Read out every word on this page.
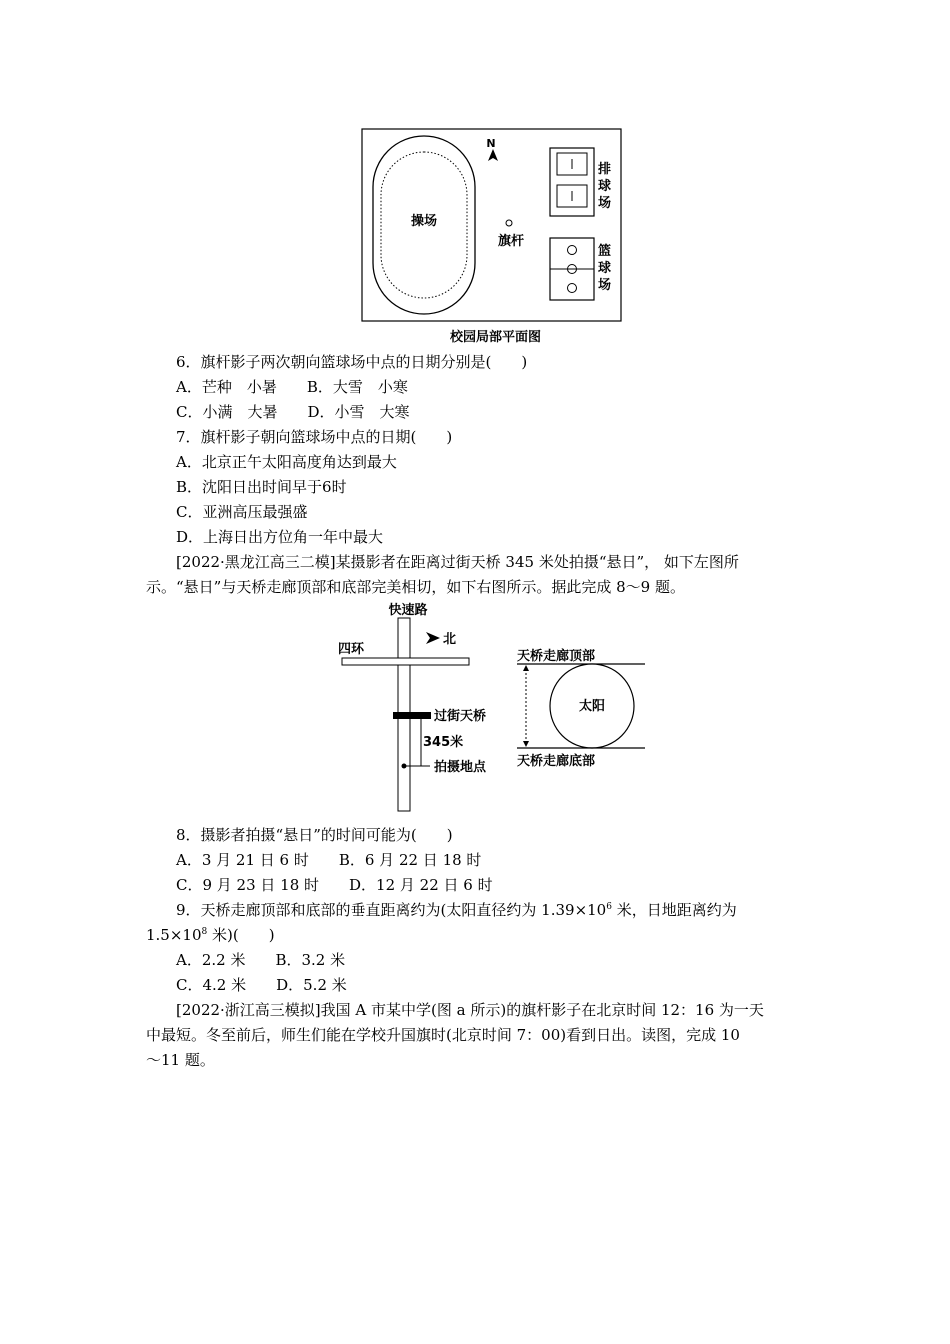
操场
N
旗杆
排
球
场
篮
球
场
校园局部平面图
6．旗杆影子两次朝向篮球场中点的日期分别是(　　)
A．芒种　小暑　　B．大雪　小寒
C．小满　大暑　　D．小雪　大寒
7．旗杆影子朝向篮球场中点的日期(　　)
A．北京正午太阳高度角达到最大
B．沈阳日出时间早于6时
C．亚洲高压最强盛
D．上海日出方位角一年中最大
[2022·黑龙江高三二模]某摄影者在距离过街天桥 345 米处拍摄“悬日”， 如下左图所
示。“悬日”与天桥走廊顶部和底部完美相切，如下右图所示。据此完成 8～9 题。
快速路
四环
北
过街天桥
345米
拍摄地点
天桥走廊顶部
太阳
天桥走廊底部
8．摄影者拍摄“悬日”的时间可能为(　　)
A．3 月 21 日 6 时　　B．6 月 22 日 18 时
C．9 月 23 日 18 时　　D．12 月 22 日 6 时
9．天桥走廊顶部和底部的垂直距离约为(太阳直径约为 $1.39\times 10^6$ 米，日地距离约为
$1.5\times 10^8$ 米)(　　)
A．2.2 米　　B．3.2 米
C．4.2 米　　D．5.2 米
[2022·浙江高三模拟]我国 A 市某中学(图 a 所示)的旗杆影子在北京时间 12：16 为一天
中最短。冬至前后，师生们能在学校升国旗时(北京时间 7：00)看到日出。读图，完成 10
～11 题。
